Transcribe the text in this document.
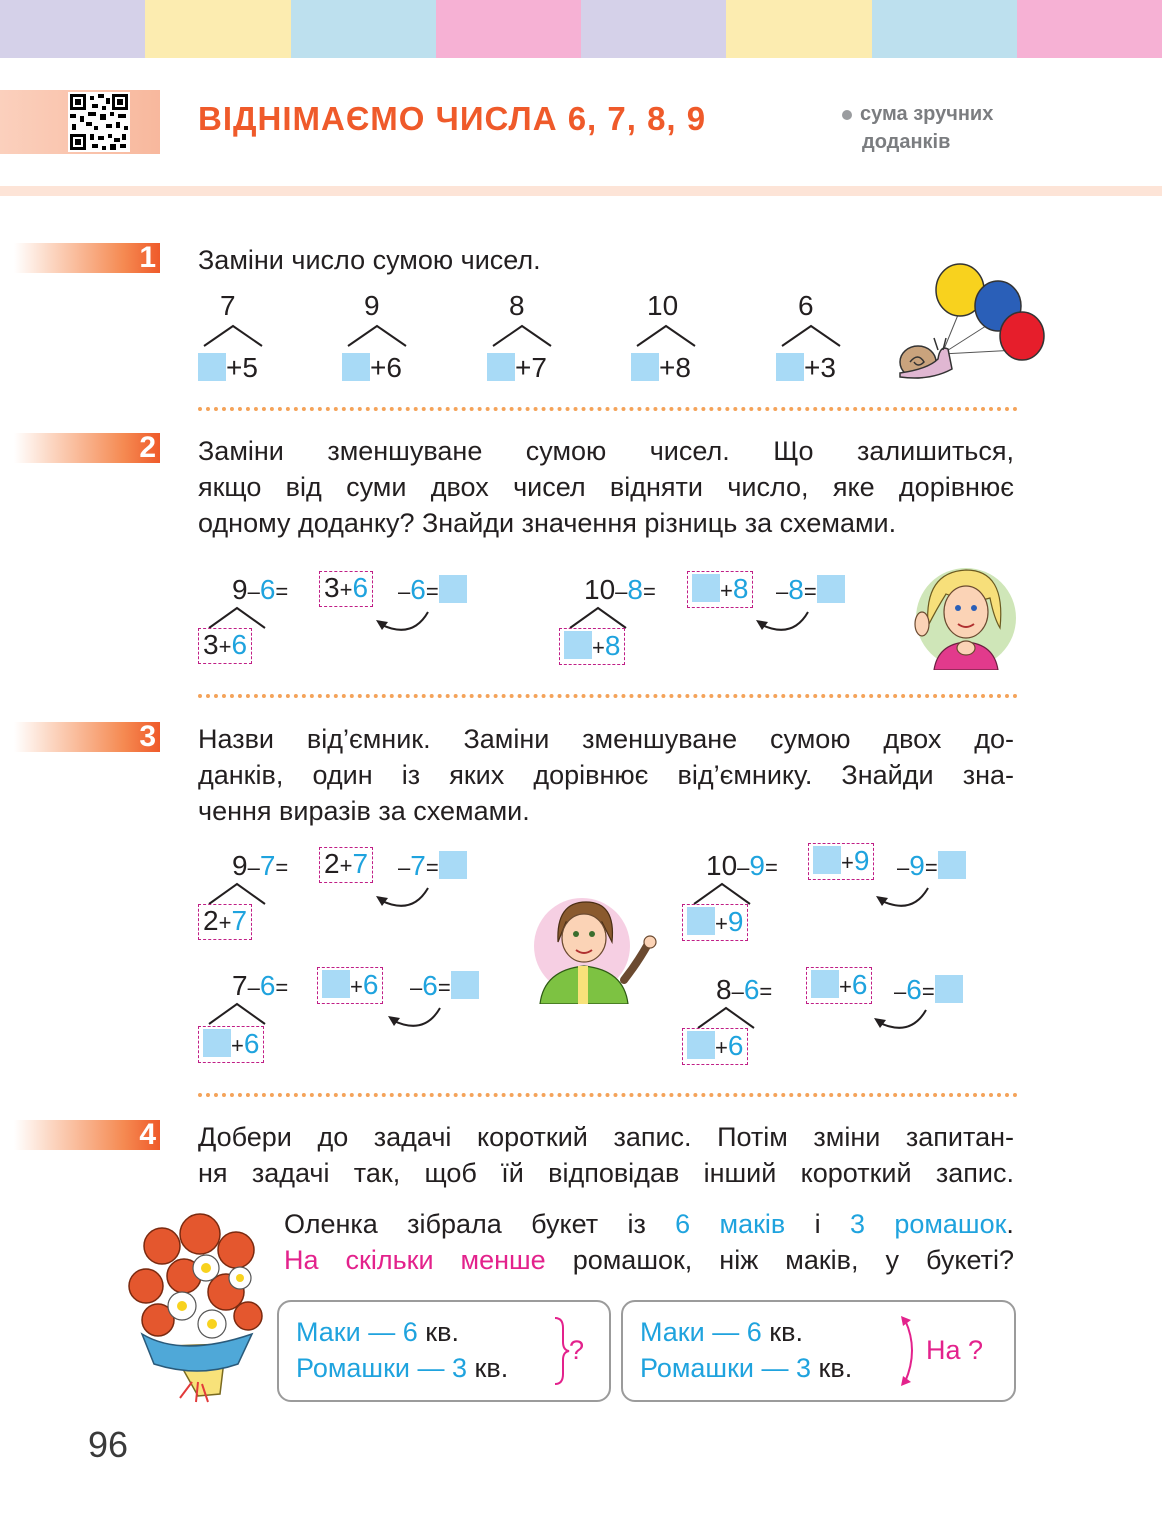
ВІДНІМАЄМО ЧИСЛА 6, 7, 8, 9	сума зручних
доданків
1 Заміни число сумою чисел.
7
+5
9
+6
8
+7
10
+8
6
+3
2 Заміни зменшуване сумою чисел. Що залишиться,
якщо від суми двох чисел відняти число, яке дорівнює
одному доданку? Знайди значення різниць за схемами.
9–6= 3+6 –6=
3+6
10–8=	+8 –8=
+8
3 Назви від’ємник. Заміни зменшуване сумою двох до-
данків, один із яких дорівнює від’ємнику. Знайди зна-
чення виразів за схемами.
9–7= 2+7 –7=
2+7
7–6=	+6 –6=
+6
10–9=	+9 –9=
+9
8–6=	+6 –6=
+6
4 Добери до задачі короткий запис. Потім зміни запитан-
ня задачі так, щоб їй відповідав інший короткий запис.
Оленка зібрала букет із 6 маків і 3 ромашок.
На скільки менше ромашок, ніж маків, у букеті?
Маки — 6 кв.
Ромашки — 3 кв.
?
Маки — 6 кв.
Ромашки — 3 кв.
На ?
96
